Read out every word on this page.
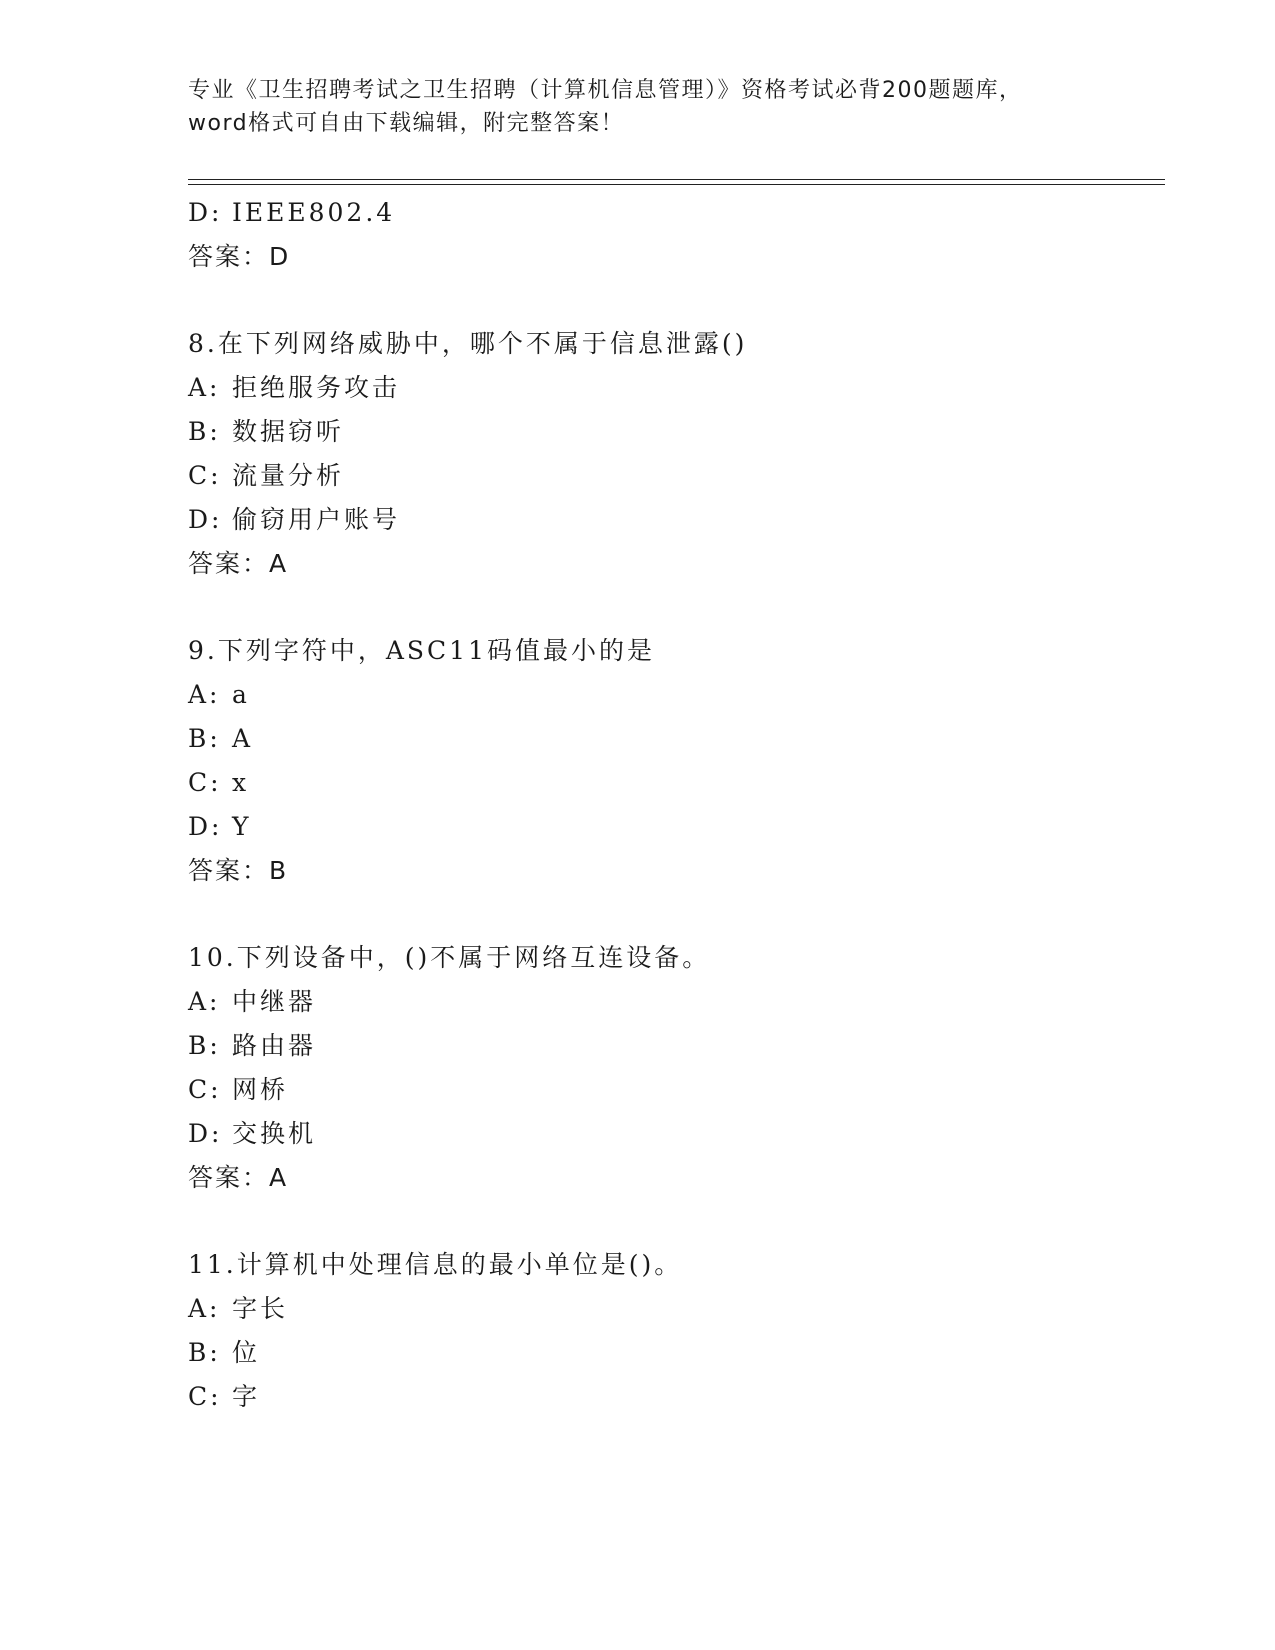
专业《卫生招聘考试之卫生招聘（计算机信息管理）》资格考试必背200题题库，
word格式可自由下载编辑，附完整答案！
D: IEEE802.4
答案：D
8.在下列网络威胁中，哪个不属于信息泄露()
A: 拒绝服务攻击
B: 数据窃听
C: 流量分析
D: 偷窃用户账号
答案：A
9.下列字符中，ASC11码值最小的是
A: a
B: A
C: x
D: Y
答案：B
10.下列设备中，()不属于网络互连设备。
A: 中继器
B: 路由器
C: 网桥
D: 交换机
答案：A
11.计算机中处理信息的最小单位是()。
A: 字长
B: 位
C: 字
